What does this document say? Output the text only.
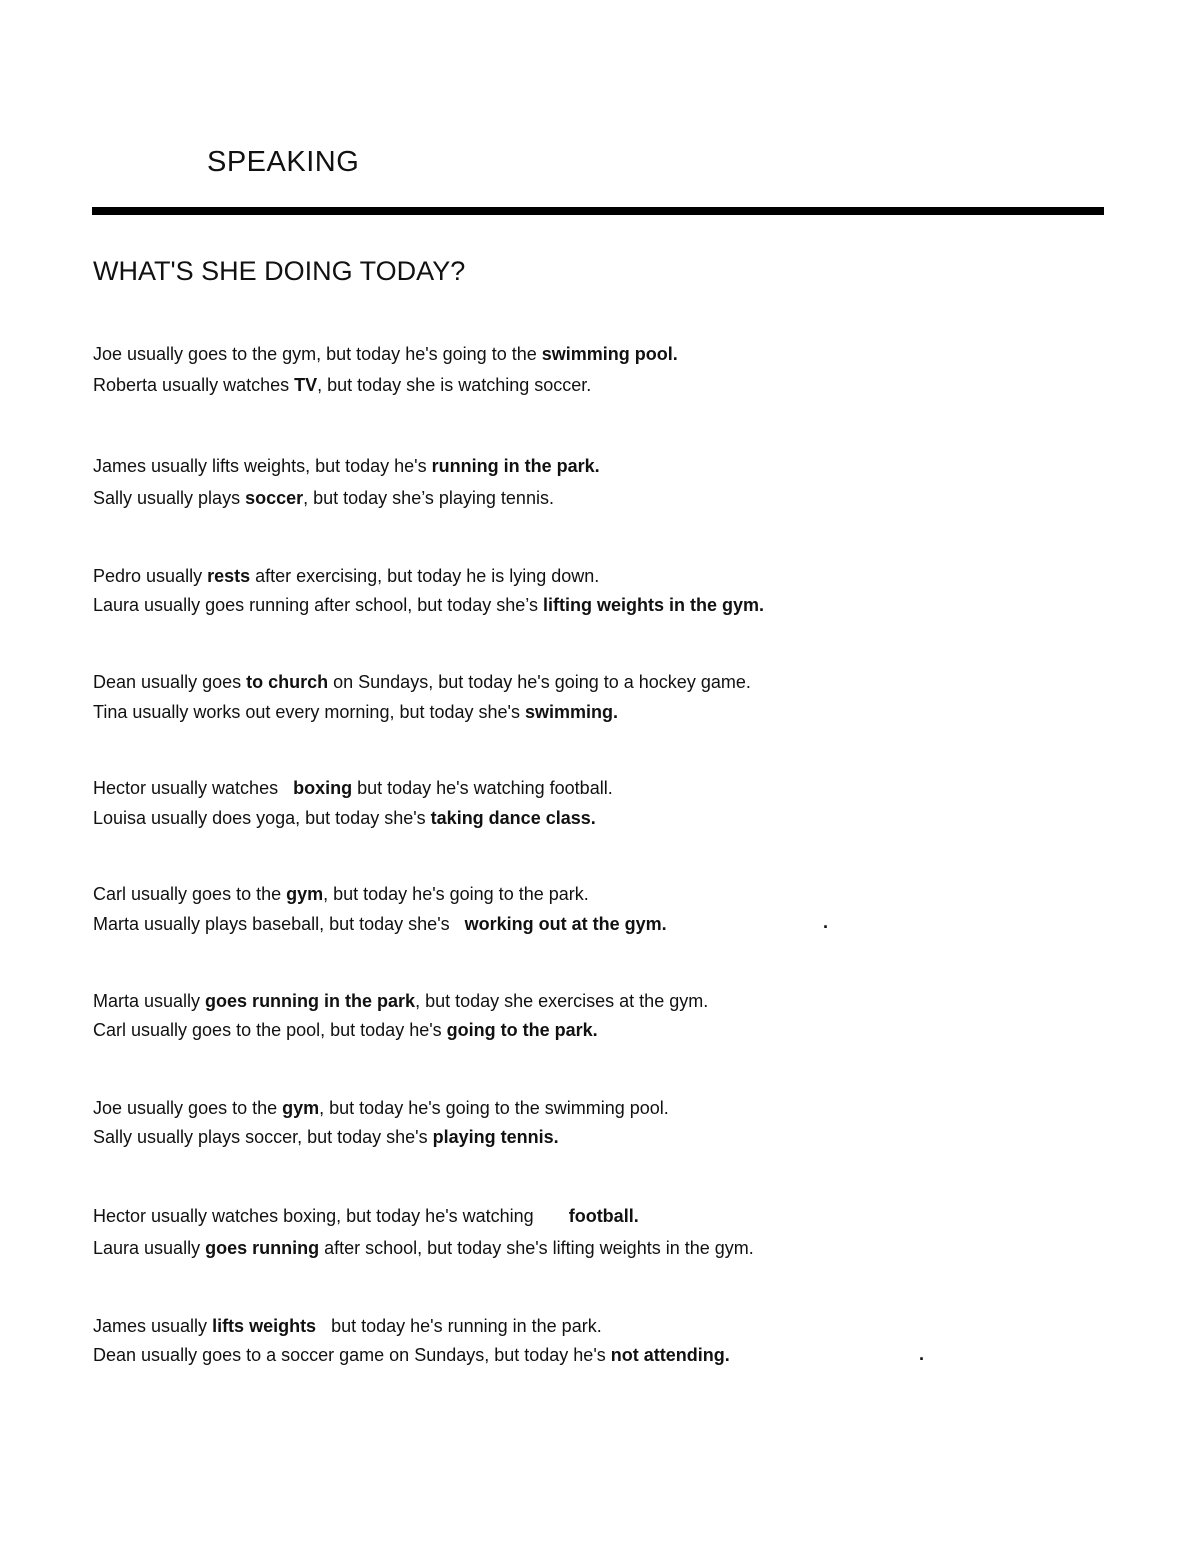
SPEAKING
WHAT'S SHE DOING TODAY?
Joe usually goes to the gym, but today he's going to the swimming pool.
Roberta usually watches TV, but today she is watching soccer.
James usually lifts weights, but today he's running in the park.
Sally usually plays soccer, but today she’s playing tennis.
Pedro usually rests after exercising, but today he is lying down.
Laura usually goes running after school, but today she’s lifting weights in the gym.
Dean usually goes to church on Sundays, but today he's going to a hockey game.
Tina usually works out every morning, but today she's swimming.
Hector usually watches   boxing but today he's watching football.
Louisa usually does yoga, but today she's taking dance class.
Carl usually goes to the gym, but today he's going to the park.
Marta usually plays baseball, but today she's   working out at the gym.
Marta usually goes running in the park, but today she exercises at the gym.
Carl usually goes to the pool, but today he's going to the park.
Joe usually goes to the gym, but today he's going to the swimming pool.
Sally usually plays soccer, but today she's playing tennis.
Hector usually watches boxing, but today he's watching       football.
Laura usually goes running after school, but today she's lifting weights in the gym.
James usually lifts weights   but today he's running in the park.
Dean usually goes to a soccer game on Sundays, but today he's not attending.
.
.
